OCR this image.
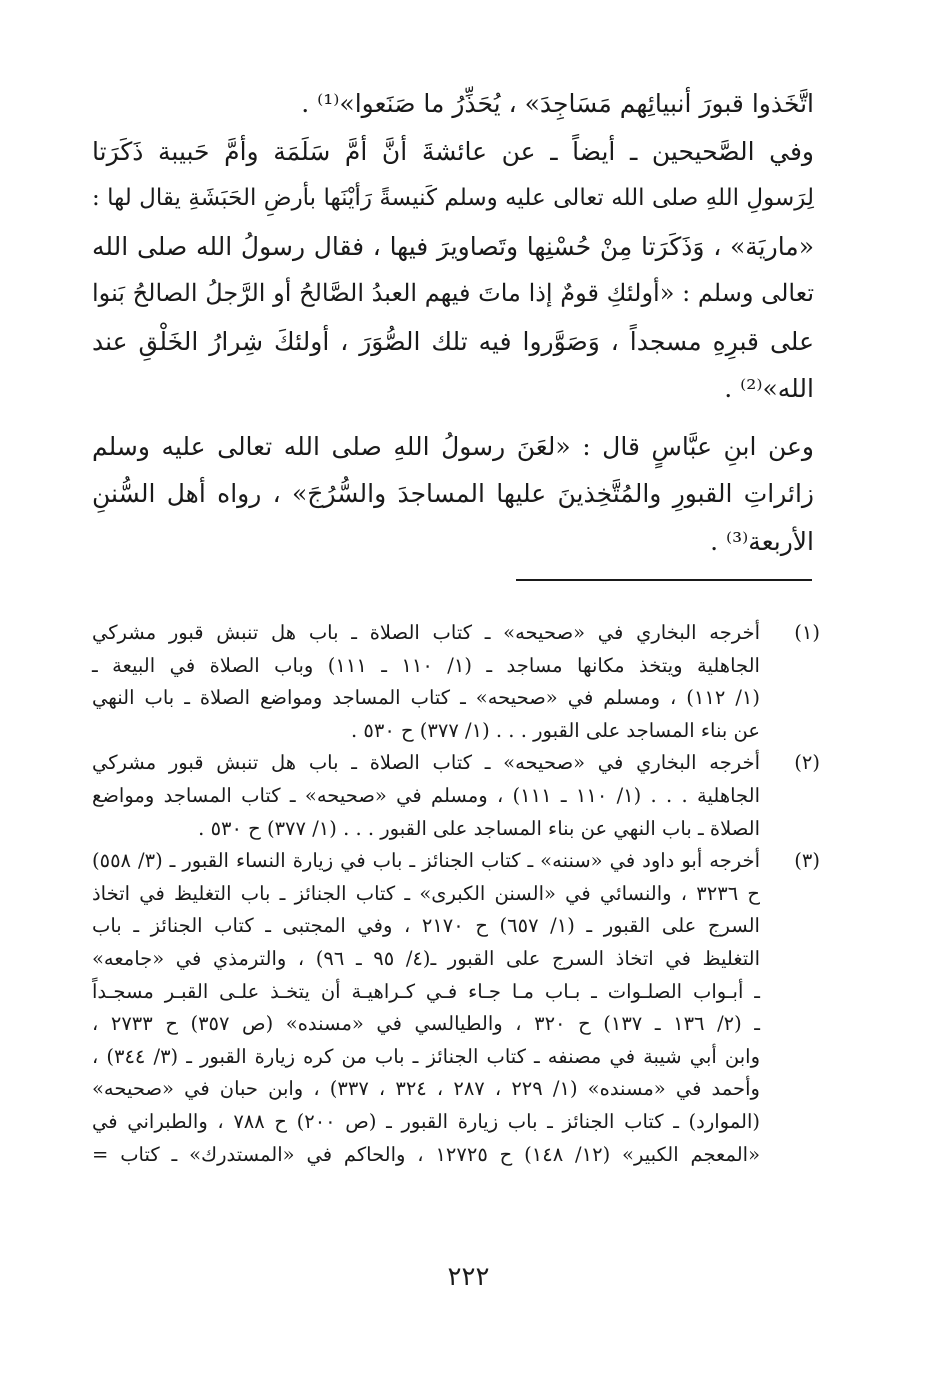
اتَّخَذوا قبورَ أنبيائِهم مَسَاجِدَ» ، يُحَذِّرُ ما صَنَعوا»⁽¹⁾ .
وفي الصَّحيحين ـ أيضاً ـ عن عائشةَ أنَّ أمَّ سَلَمَة وأمَّ حَبيبة ذَكَرَتا
لِرَسولِ اللهِ صلى الله تعالى عليه وسلم كَنيسةً رَأيْنَها بأرضِ الحَبَشَةِ يقال لها :
«ماريَة» ، وَذَكَرَتا مِنْ حُسْنِها وتَصاويرَ فيها ، فقال رسولُ الله صلى الله
تعالى وسلم : «أولئكِ قومٌ إذا ماتَ فيهم العبدُ الصَّالحُ أو الرَّجلُ الصالحُ بَنوا
على قبرِهِ مسجداً ، وَصَوَّروا فيه تلك الصُّوَرَ ، أولئكَ شِرارُ الخَلْقِ عند
الله»⁽²⁾ .
وعن ابنِ عبَّاسٍ قال : «لعَنَ رسولُ اللهِ صلى الله تعالى عليه وسلم
زائراتِ القبورِ والمُتَّخِذينَ عليها المساجدَ والسُّرُجَ» ، رواه أهل السُّننِ
الأربعة⁽³⁾ .
(١)
أخرجه البخاري في «صحيحه» ـ كتاب الصلاة ـ باب هل تنبش قبور مشركي
الجاهلية ويتخذ مكانها مساجد ـ (١/ ١١٠ ـ ١١١) وباب الصلاة في البيعة ـ
(١/ ١١٢) ، ومسلم في «صحيحه» ـ كتاب المساجد ومواضع الصلاة ـ باب النهي
عن بناء المساجد على القبور . . . (١/ ٣٧٧) ح ٥٣٠ .
(٢)
أخرجه البخاري في «صحيحه» ـ كتاب الصلاة ـ باب هل تنبش قبور مشركي
الجاهلية . . . (١/ ١١٠ ـ ١١١) ، ومسلم في «صحيحه» ـ كتاب المساجد ومواضع
الصلاة ـ باب النهي عن بناء المساجد على القبور . . . (١/ ٣٧٧) ح ٥٣٠ .
(٣)
أخرجه أبو داود في «سننه» ـ كتاب الجنائز ـ باب في زيارة النساء القبور ـ (٣/ ٥٥٨)
ح ٣٢٣٦ ، والنسائي في «السنن الكبرى» ـ كتاب الجنائز ـ باب التغليظ في اتخاذ
السرج على القبور ـ (١/ ٦٥٧) ح ٢١٧٠ ، وفي المجتبى ـ كتاب الجنائز ـ باب
التغليظ في اتخاذ السرج على القبور ـ(٤/ ٩٥ ـ ٩٦) ، والترمذي في «جامعه»
ـ أبـواب الصلـوات ـ بـاب مـا جـاء فـي كـراهيـة أن يتخـذ علـى القبـر مسجـداً
ـ (٢/ ١٣٦ ـ ١٣٧) ح ٣٢٠ ، والطيالسي في «مسنده» (ص ٣٥٧) ح ٢٧٣٣ ،
وابن أبي شيبة في مصنفه ـ كتاب الجنائز ـ باب من كره زيارة القبور ـ (٣/ ٣٤٤) ،
وأحمد في «مسنده» (١/ ٢٢٩ ، ٢٨٧ ، ٣٢٤ ، ٣٣٧) ، وابن حبان في «صحيحه»
(الموارد) ـ كتاب الجنائز ـ باب زيارة القبور ـ (ص ٢٠٠) ح ٧٨٨ ، والطبراني في
«المعجم الكبير» (١٢/ ١٤٨) ح ١٢٧٢٥ ، والحاكم في «المستدرك» ـ كتاب =
٢٢٢
